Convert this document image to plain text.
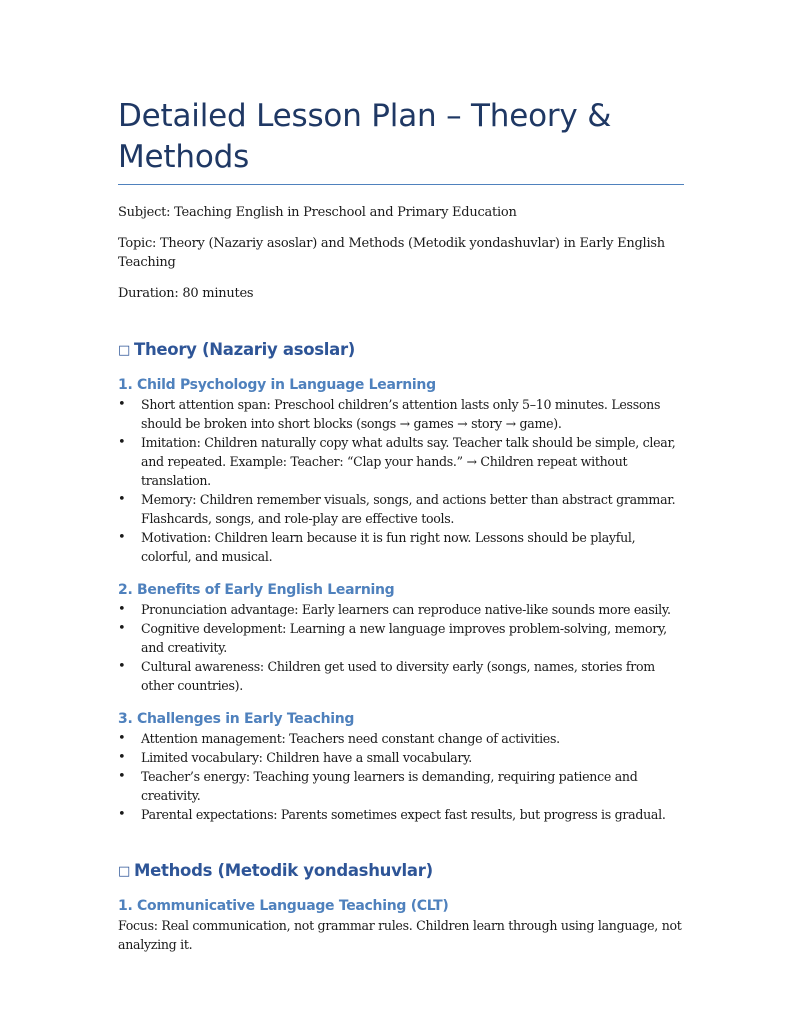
Detailed Lesson Plan – Theory & Methods

Subject: Teaching English in Preschool and Primary Education

Topic: Theory (Nazariy asoslar) and Methods (Metodik yondashuvlar) in Early English Teaching

Duration: 80 minutes

□ Theory (Nazariy asoslar)
1. Child Psychology in Language Learning
• Short attention span: Preschool children’s attention lasts only 5–10 minutes. Lessons should be broken into short blocks (songs → games → story → game).
• Imitation: Children naturally copy what adults say. Teacher talk should be simple, clear, and repeated. Example: Teacher: “Clap your hands.” → Children repeat without translation.
• Memory: Children remember visuals, songs, and actions better than abstract grammar. Flashcards, songs, and role-play are effective tools.
• Motivation: Children learn because it is fun right now. Lessons should be playful, colorful, and musical.
2. Benefits of Early English Learning
• Pronunciation advantage: Early learners can reproduce native-like sounds more easily.
• Cognitive development: Learning a new language improves problem-solving, memory, and creativity.
• Cultural awareness: Children get used to diversity early (songs, names, stories from other countries).
3. Challenges in Early Teaching
• Attention management: Teachers need constant change of activities.
• Limited vocabulary: Children have a small vocabulary.
• Teacher’s energy: Teaching young learners is demanding, requiring patience and creativity.
• Parental expectations: Parents sometimes expect fast results, but progress is gradual.
□ Methods (Metodik yondashuvlar)
1. Communicative Language Teaching (CLT)

Focus: Real communication, not grammar rules. Children learn through using language, not analyzing it.
